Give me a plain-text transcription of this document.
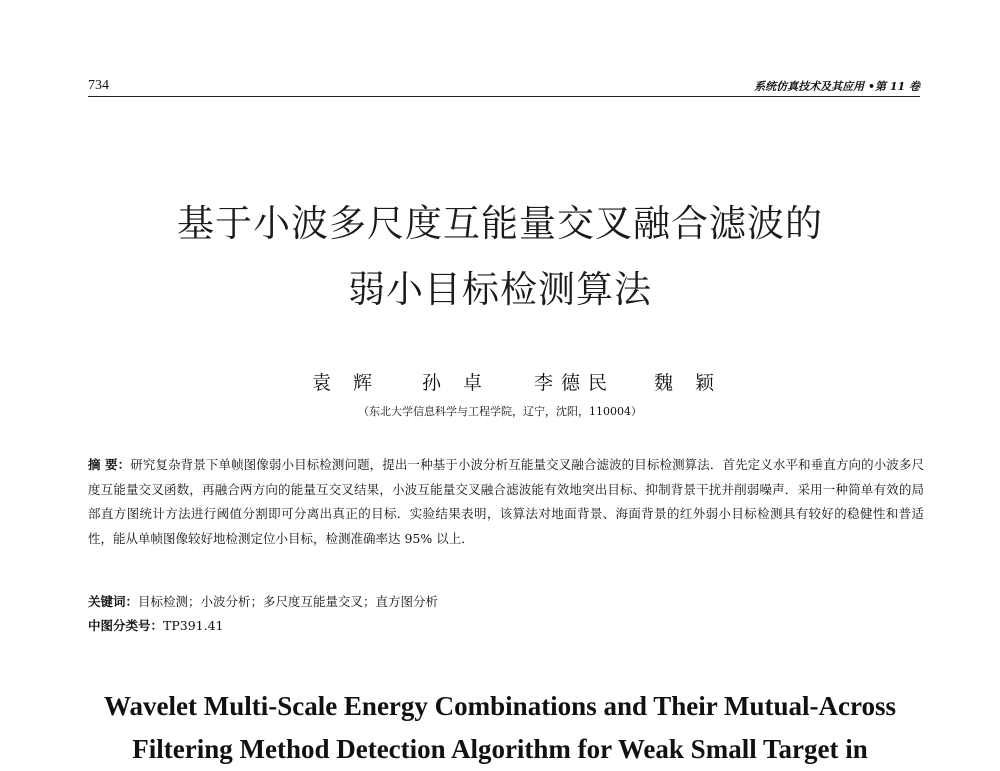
734	系统仿真技术及其应用 •第 11 卷
基于小波多尺度互能量交叉融合滤波的
弱小目标检测算法
袁 辉 孙 卓 李德民 魏 颖
（东北大学信息科学与工程学院，辽宁，沈阳，110004）
摘 要：研究复杂背景下单帧图像弱小目标检测问题，提出一种基于小波分析互能量交叉融合滤波的目标检测算法．首先定义水平和垂直方向的小波多尺度互能量交叉函数，再融合两方向的能量互交叉结果，小波互能量交叉融合滤波能有效地突出目标、抑制背景干扰并削弱噪声．采用一种简单有效的局部直方图统计方法进行阈值分割即可分离出真正的目标．实验结果表明，该算法对地面背景、海面背景的红外弱小目标检测具有较好的稳健性和普适性，能从单帧图像较好地检测定位小目标，检测准确率达 95% 以上．
关键词：目标检测；小波分析；多尺度互能量交叉；直方图分析
中图分类号：TP391.41
Wavelet Multi-Scale Energy Combinations and Their Mutual-Across
Filtering Method Detection Algorithm for Weak Small Target in
